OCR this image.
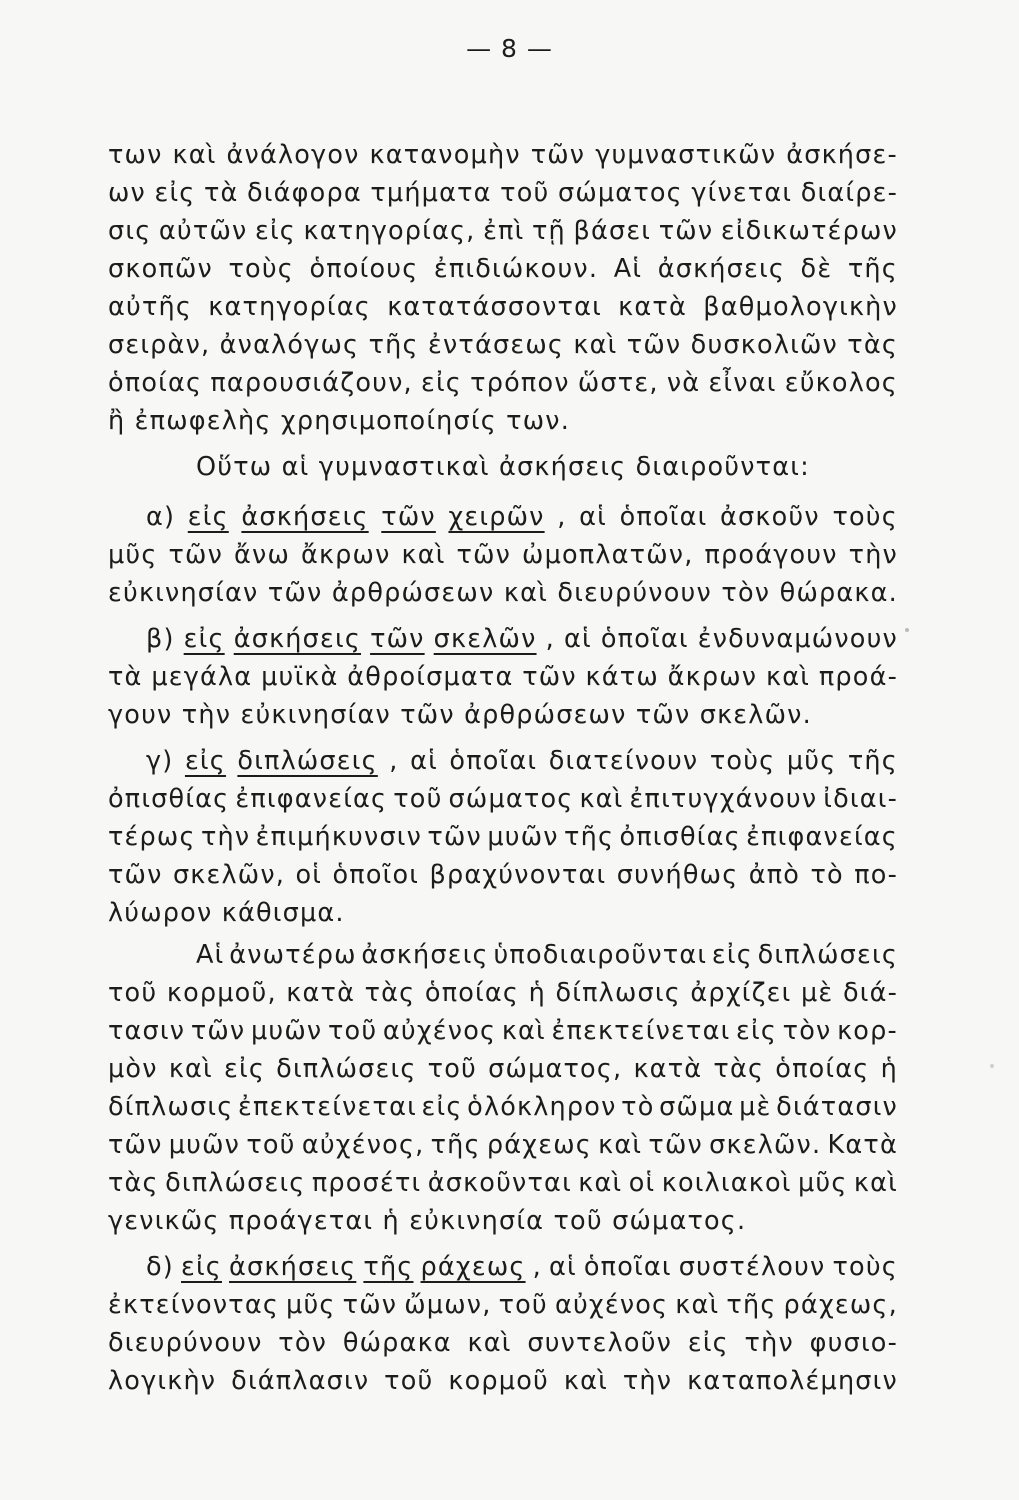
— 8 —
των καὶ ἀνάλογον κατανομὴν τῶν γυμναστικῶν ἀσκήσε-
ων εἰς τὰ διάφορα τμήματα τοῦ σώματος γίνεται διαίρε-
σις αὐτῶν εἰς κατηγορίας, ἐπὶ τῇ βάσει τῶν εἰδικωτέρων
σκοπῶν τοὺς ὁποίους ἐπιδιώκουν. Αἱ ἀσκήσεις δὲ τῆς
αὐτῆς κατηγορίας κατατάσσονται κατὰ βαθμολογικὴν
σειρὰν, ἀναλόγως τῆς ἐντάσεως καὶ τῶν δυσκολιῶν τὰς
ὁποίας παρουσιάζουν, εἰς τρόπον ὥστε, νὰ εἶναι εὔκολος
ἢ ἐπωφελὴς χρησιμοποίησίς των.
Οὕτω αἱ γυμναστικαὶ ἀσκήσεις διαιροῦνται:
α) εἰς ἀσκήσεις τῶν χειρῶν , αἱ ὁποῖαι ἀσκοῦν τοὺς
μῦς τῶν ἄνω ἄκρων καὶ τῶν ὠμοπλατῶν, προάγουν τὴν
εὐκινησίαν τῶν ἀρθρώσεων καὶ διευρύνουν τὸν θώρακα.
β) εἰς ἀσκήσεις τῶν σκελῶν , αἱ ὁποῖαι ἐνδυναμώνουν
τὰ μεγάλα μυϊκὰ ἀθροίσματα τῶν κάτω ἄκρων καὶ προά-
γουν τὴν εὐκινησίαν τῶν ἀρθρώσεων τῶν σκελῶν.
γ) εἰς διπλώσεις , αἱ ὁποῖαι διατείνουν τοὺς μῦς τῆς
ὀπισθίας ἐπιφανείας τοῦ σώματος καὶ ἐπιτυγχάνουν ἰδιαι-
τέρως τὴν ἐπιμήκυνσιν τῶν μυῶν τῆς ὀπισθίας ἐπιφανείας
τῶν σκελῶν, οἱ ὁποῖοι βραχύνονται συνήθως ἀπὸ τὸ πο-
λύωρον κάθισμα.
Αἱ ἀνωτέρω ἀσκήσεις ὑποδιαιροῦνται εἰς διπλώσεις
τοῦ κορμοῦ, κατὰ τὰς ὁποίας ἡ δίπλωσις ἀρχίζει μὲ διά-
τασιν τῶν μυῶν τοῦ αὐχένος καὶ ἐπεκτείνεται εἰς τὸν κορ-
μὸν καὶ εἰς διπλώσεις τοῦ σώματος, κατὰ τὰς ὁποίας ἡ
δίπλωσις ἐπεκτείνεται εἰς ὁλόκληρον τὸ σῶμα μὲ διάτασιν
τῶν μυῶν τοῦ αὐχένος, τῆς ράχεως καὶ τῶν σκελῶν. Κατὰ
τὰς διπλώσεις προσέτι ἀσκοῦνται καὶ οἱ κοιλιακοὶ μῦς καὶ
γενικῶς προάγεται ἡ εὐκινησία τοῦ σώματος.
δ) εἰς ἀσκήσεις τῆς ράχεως , αἱ ὁποῖαι συστέλουν τοὺς
ἐκτείνοντας μῦς τῶν ὤμων, τοῦ αὐχένος καὶ τῆς ράχεως,
διευρύνουν τὸν θώρακα καὶ συντελοῦν εἰς τὴν φυσιο-
λογικὴν διάπλασιν τοῦ κορμοῦ καὶ τὴν καταπολέμησιν
